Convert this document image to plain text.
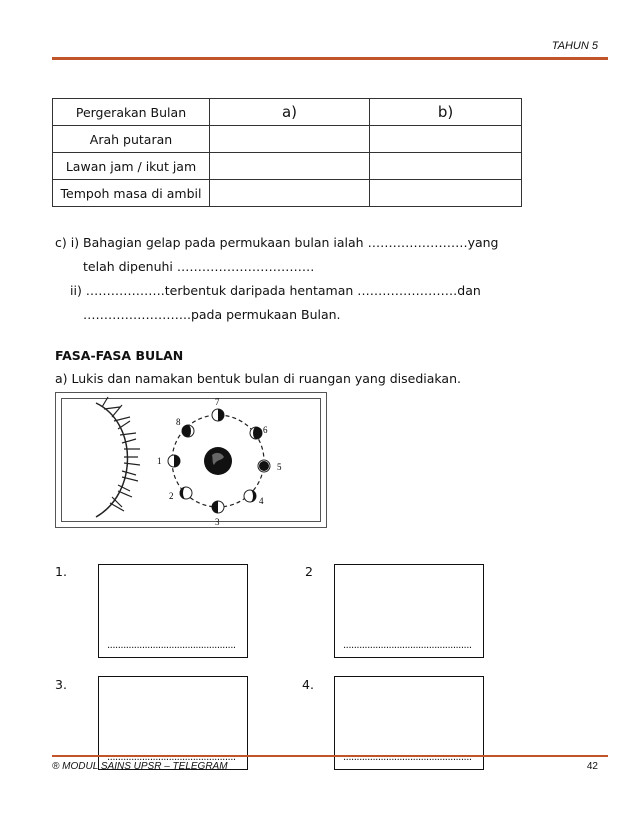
TAHUN 5
Pergerakan Bulan	a)	b)
Arah putaran		
Lawan jam / ikut jam		
Tempoh masa di ambil		
c) i) Bahagian gelap pada permukaan bulan ialah ……………………yang
telah dipenuhi ……………………………
ii) ……………….terbentuk daripada hentaman ……………………dan
……………………..pada permukaan Bulan.
FASA-FASA BULAN
a) Lukis dan namakan bentuk bulan di ruangan yang disediakan.
1
2
3
4
5
6
7
8
1.
................................................
2
................................................
3.
................................................
4.
................................................
® MODUL SAINS UPSR – TELEGRAM	42
